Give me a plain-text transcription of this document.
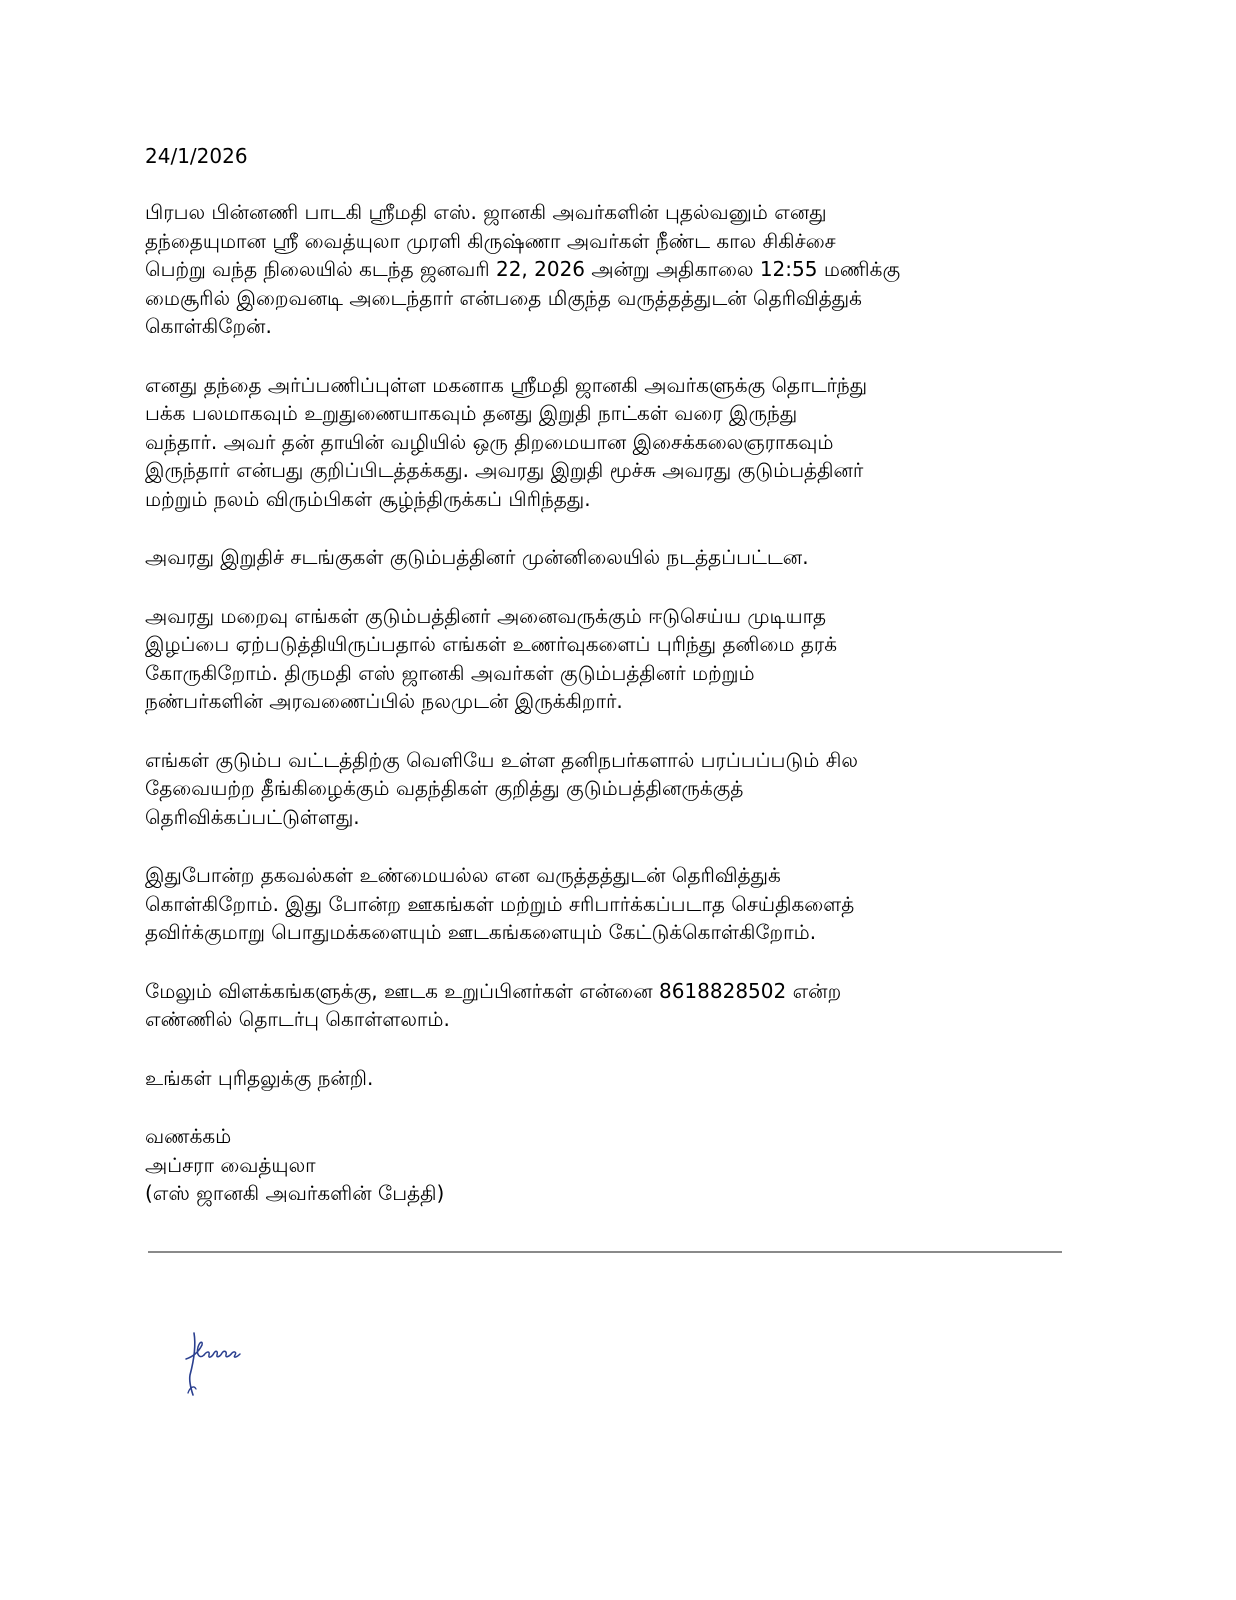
24/1/2026

பிரபல பின்னணி பாடகி ஸ்ரீமதி எஸ். ஜானகி அவர்களின் புதல்வனும் எனது
தந்தையுமான ஸ்ரீ வைத்யுலா முரளி கிருஷ்ணா அவர்கள் நீண்ட கால சிகிச்சை
பெற்று வந்த நிலையில் கடந்த ஜனவரி 22, 2026 அன்று அதிகாலை 12:55 மணிக்கு
மைசூரில் இறைவனடி அடைந்தார் என்பதை மிகுந்த வருத்தத்துடன் தெரிவித்துக்
கொள்கிறேன்.

எனது தந்தை அர்ப்பணிப்புள்ள மகனாக ஸ்ரீமதி ஜானகி அவர்களுக்கு தொடர்ந்து
பக்க பலமாகவும் உறுதுணையாகவும் தனது இறுதி நாட்கள் வரை இருந்து
வந்தார். அவர் தன் தாயின் வழியில் ஒரு திறமையான இசைக்கலைஞராகவும்
இருந்தார் என்பது குறிப்பிடத்தக்கது. அவரது இறுதி மூச்சு அவரது குடும்பத்தினர்
மற்றும் நலம் விரும்பிகள் சூழ்ந்திருக்கப் பிரிந்தது.

அவரது இறுதிச் சடங்குகள் குடும்பத்தினர் முன்னிலையில் நடத்தப்பட்டன.

அவரது மறைவு எங்கள் குடும்பத்தினர் அனைவருக்கும் ஈடுசெய்ய முடியாத
இழப்பை ஏற்படுத்தியிருப்பதால் எங்கள் உணர்வுகளைப் புரிந்து தனிமை தரக்
கோருகிறோம். திருமதி எஸ் ஜானகி அவர்கள் குடும்பத்தினர் மற்றும்
நண்பர்களின் அரவணைப்பில் நலமுடன் இருக்கிறார்.

எங்கள் குடும்ப வட்டத்திற்கு வெளியே உள்ள தனிநபர்களால் பரப்பப்படும் சில
தேவையற்ற தீங்கிழைக்கும் வதந்திகள் குறித்து குடும்பத்தினருக்குத்
தெரிவிக்கப்பட்டுள்ளது.

இதுபோன்ற தகவல்கள் உண்மையல்ல என வருத்தத்துடன் தெரிவித்துக்
கொள்கிறோம். இது போன்ற ஊகங்கள் மற்றும் சரிபார்க்கப்படாத செய்திகளைத்
தவிர்க்குமாறு பொதுமக்களையும் ஊடகங்களையும் கேட்டுக்கொள்கிறோம்.

மேலும் விளக்கங்களுக்கு, ஊடக உறுப்பினர்கள் என்னை 8618828502 என்ற
எண்ணில் தொடர்பு கொள்ளலாம்.

உங்கள் புரிதலுக்கு நன்றி.

வணக்கம்
அப்சரா வைத்யுலா
(எஸ் ஜானகி அவர்களின் பேத்தி)
